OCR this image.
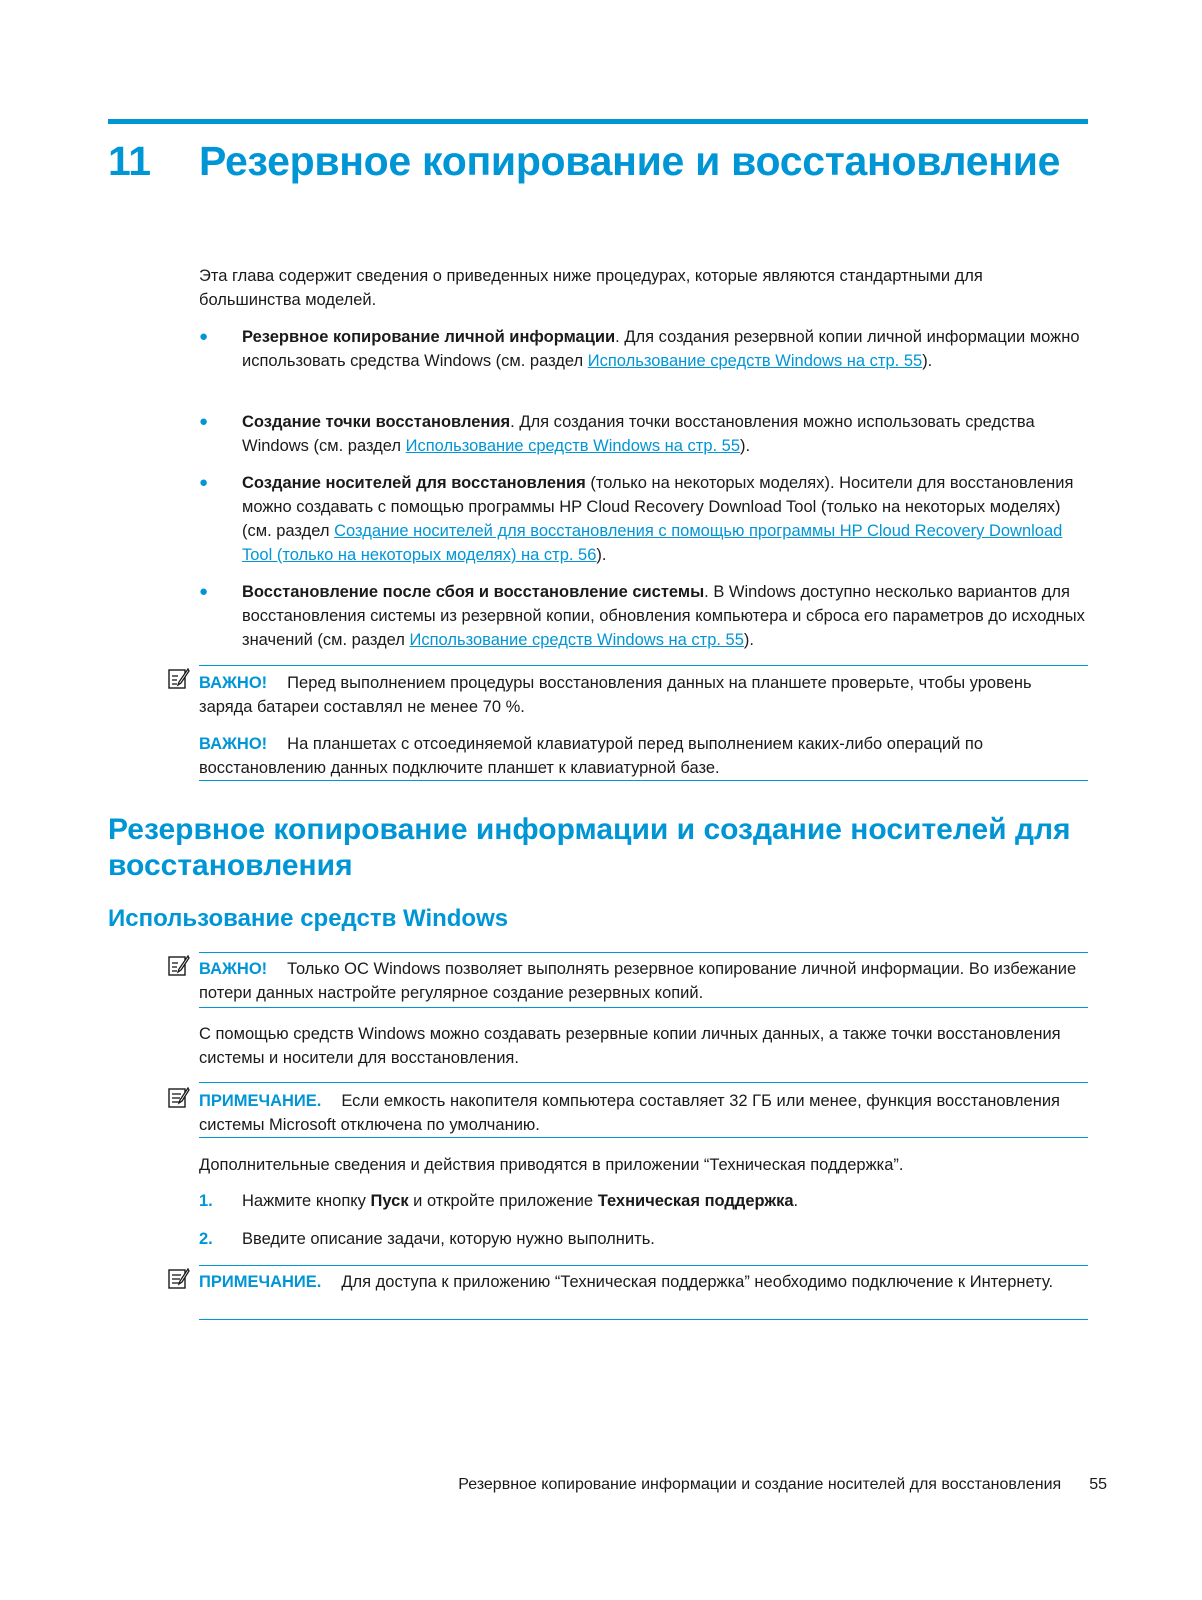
11 Резервное копирование и восстановление
Эта глава содержит сведения о приведенных ниже процедурах, которые являются стандартными для большинства моделей.
●	Резервное копирование личной информации. Для создания резервной копии личной информации можно использовать средства Windows (см. раздел Использование средств Windows на стр. 55).
●	Создание точки восстановления. Для создания точки восстановления можно использовать средства Windows (см. раздел Использование средств Windows на стр. 55).
●	Создание носителей для восстановления (только на некоторых моделях). Носители для восстановления можно создавать с помощью программы HP Cloud Recovery Download Tool (только на некоторых моделях) (см. раздел Создание носителей для восстановления с помощью программы HP Cloud Recovery Download Tool (только на некоторых моделях) на стр. 56).
●	Восстановление после сбоя и восстановление системы. В Windows доступно несколько вариантов для восстановления системы из резервной копии, обновления компьютера и сброса его параметров до исходных значений (см. раздел Использование средств Windows на стр. 55).
ВАЖНО! Перед выполнением процедуры восстановления данных на планшете проверьте, чтобы уровень заряда батареи составлял не менее 70 %.
ВАЖНО! На планшетах с отсоединяемой клавиатурой перед выполнением каких-либо операций по восстановлению данных подключите планшет к клавиатурной базе.
Резервное копирование информации и создание носителей для восстановления
Использование средств Windows
ВАЖНО! Только ОС Windows позволяет выполнять резервное копирование личной информации. Во избежание потери данных настройте регулярное создание резервных копий.
С помощью средств Windows можно создавать резервные копии личных данных, а также точки восстановления системы и носители для восстановления.
ПРИМЕЧАНИЕ. Если емкость накопителя компьютера составляет 32 ГБ или менее, функция восстановления системы Microsoft отключена по умолчанию.
Дополнительные сведения и действия приводятся в приложении “Техническая поддержка”.
1.	Нажмите кнопку Пуск и откройте приложение Техническая поддержка.
2.	Введите описание задачи, которую нужно выполнить.
ПРИМЕЧАНИЕ. Для доступа к приложению “Техническая поддержка” необходимо подключение к Интернету.
Резервное копирование информации и создание носителей для восстановления 55
